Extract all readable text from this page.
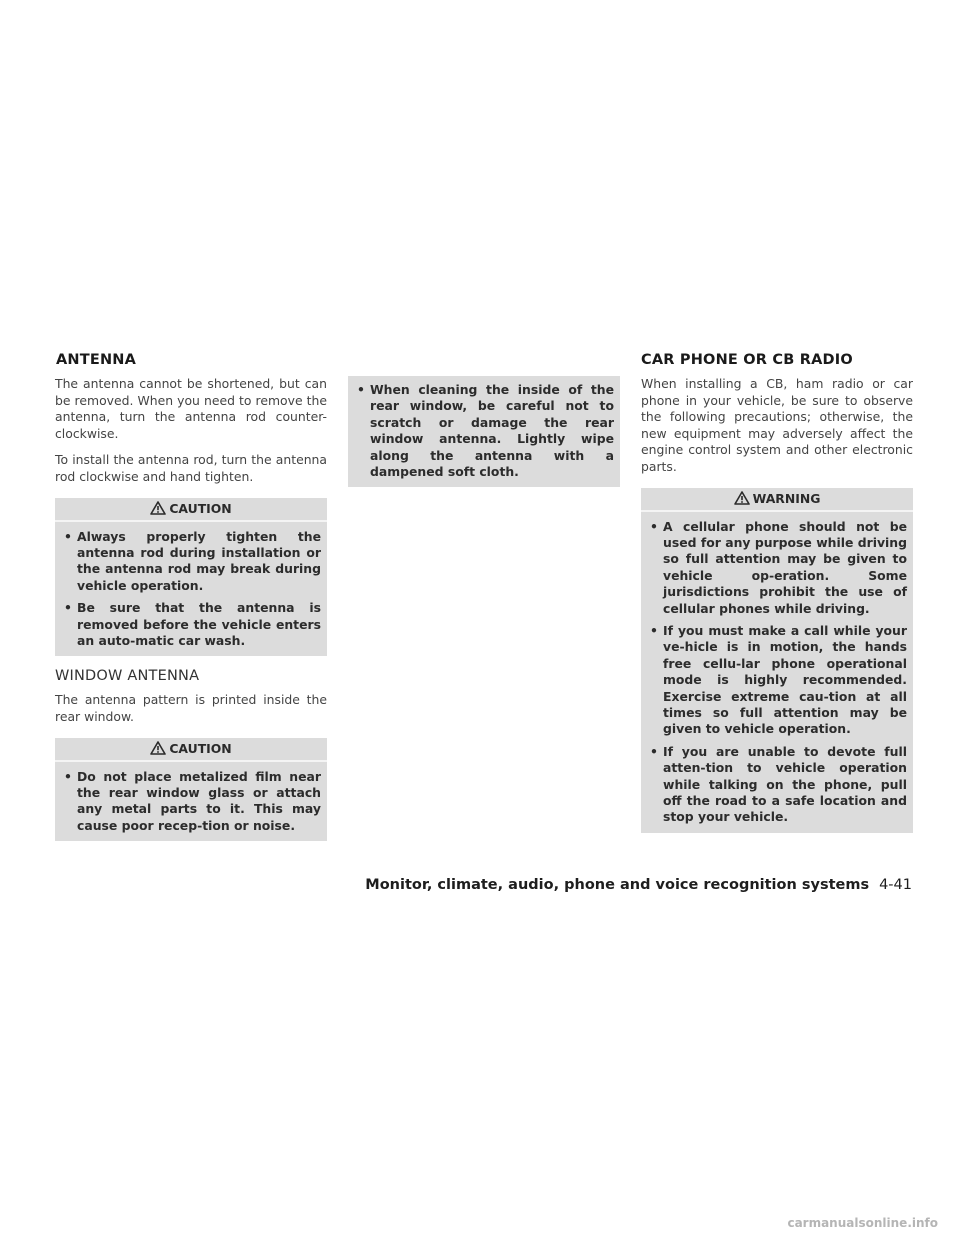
ANTENNA	CAR PHONE OR CB RADIO

The antenna cannot be shortened, but can be removed. When you need to remove the antenna, turn the antenna rod counter-clockwise.

To install the antenna rod, turn the antenna rod clockwise and hand tighten.

CAUTION
• Always properly tighten the antenna rod during installation or the antenna rod may break during vehicle operation.
• Be sure that the antenna is removed before the vehicle enters an auto-matic car wash.
WINDOW ANTENNA

The antenna pattern is printed inside the rear window.

CAUTION
• Do not place metalized film near the rear window glass or attach any metal parts to it. This may cause poor recep-tion or noise.
• When cleaning the inside of the rear window, be careful not to scratch or damage the rear window antenna. Lightly wipe along the antenna with a dampened soft cloth.

When installing a CB, ham radio or car phone in your vehicle, be sure to observe the following precautions; otherwise, the new equipment may adversely affect the engine control system and other electronic parts.

WARNING
• A cellular phone should not be used for any purpose while driving so full attention may be given to vehicle op-eration. Some jurisdictions prohibit the use of cellular phones while driving.
• If you must make a call while your ve-hicle is in motion, the hands free cellu-lar phone operational mode is highly recommended. Exercise extreme cau-tion at all times so full attention may be given to vehicle operation.
• If you are unable to devote full atten-tion to vehicle operation while talking on the phone, pull off the road to a safe location and stop your vehicle.
Monitor, climate, audio, phone and voice recognition systems 4-41
carmanualsonline.info
